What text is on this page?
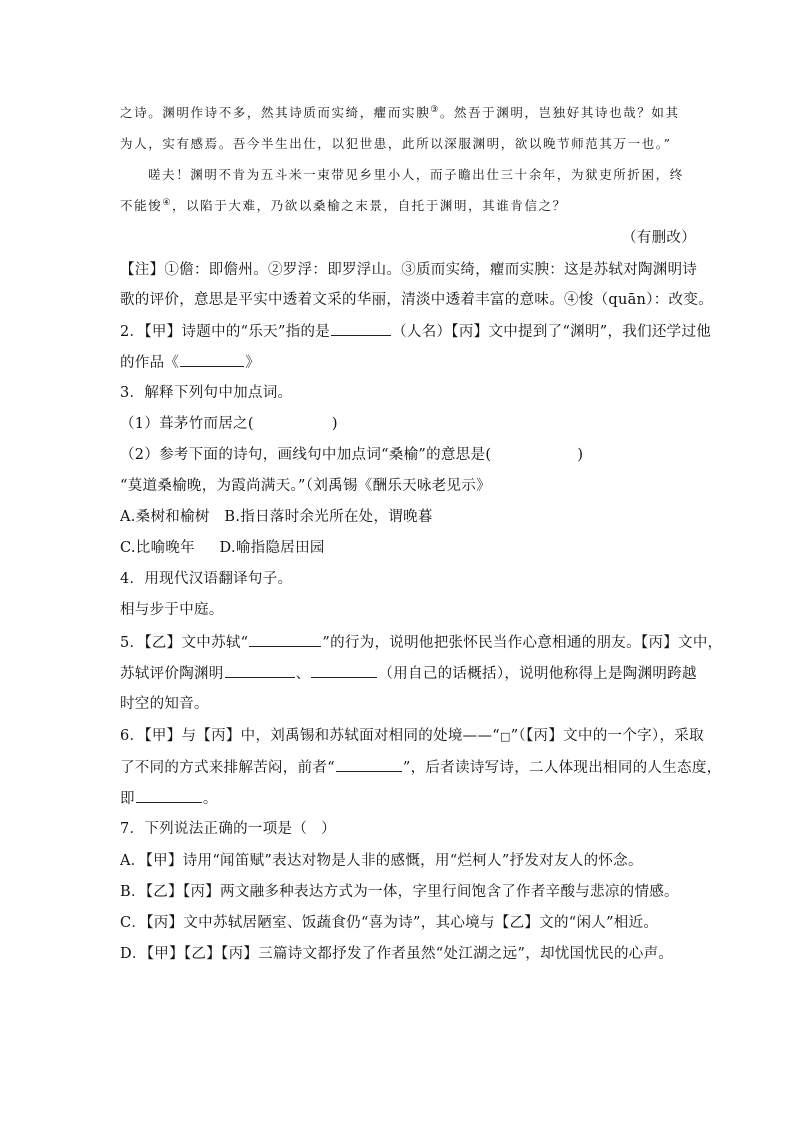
之诗。渊明作诗不多，然其诗质而实绮，癯而实腴③。然吾于渊明，岂独好其诗也哉？如其
为人，实有感焉。吾今半生出仕，以犯世患，此所以深服渊明，欲以晚节师范其万一也。”
嗟夫！渊明不肯为五斗米一束带见乡里小人，而子瞻出仕三十余年，为狱吏所折困，终
不能悛④，以陷于大难，乃欲以桑榆之末景，自托于渊明，其谁肯信之？
（有删改）
【注】①儋：即儋州。②罗浮：即罗浮山。③质而实绮，癯而实腴：这是苏轼对陶渊明诗
歌的评价，意思是平实中透着文采的华丽，清淡中透着丰富的意味。④悛（quān）：改变。
2．【甲】诗题中的“乐天”指的是	（人名）【丙】文中提到了“渊明”，我们还学过他
的作品《	》
3．解释下列句中加点词。
（1）葺茅竹而居之(	)
（2）参考下面的诗句，画线句中加点词“桑榆”的意思是(	)
“莫道桑榆晚，为霞尚满天。”（刘禹锡《酬乐天咏老见示》
A.桑树和榆树 B.指日落时余光所在处，谓晚暮
C.比喻晚年 D.喻指隐居田园
4．用现代汉语翻译句子。
相与步于中庭。
5．【乙】文中苏轼“	”的行为，说明他把张怀民当作心意相通的朋友。【丙】文中，
苏轼评价陶渊明	、	（用自己的话概括），说明他称得上是陶渊明跨越
时空的知音。
6．【甲】与【丙】中，刘禹锡和苏轼面对相同的处境——“□”（【丙】文中的一个字），采取
了不同的方式来排解苦闷，前者“	”，后者读诗写诗，二人体现出相同的人生态度，
即	。
7．下列说法正确的一项是（ ）
A．【甲】诗用“闻笛赋”表达对物是人非的感慨，用“烂柯人”抒发对友人的怀念。
B．【乙】【丙】两文融多种表达方式为一体，字里行间饱含了作者辛酸与悲凉的情感。
C．【丙】文中苏轼居陋室、饭蔬食仍“喜为诗”，其心境与【乙】文的“闲人”相近。
D．【甲】【乙】【丙】三篇诗文都抒发了作者虽然“处江湖之远”，却忧国忧民的心声。
